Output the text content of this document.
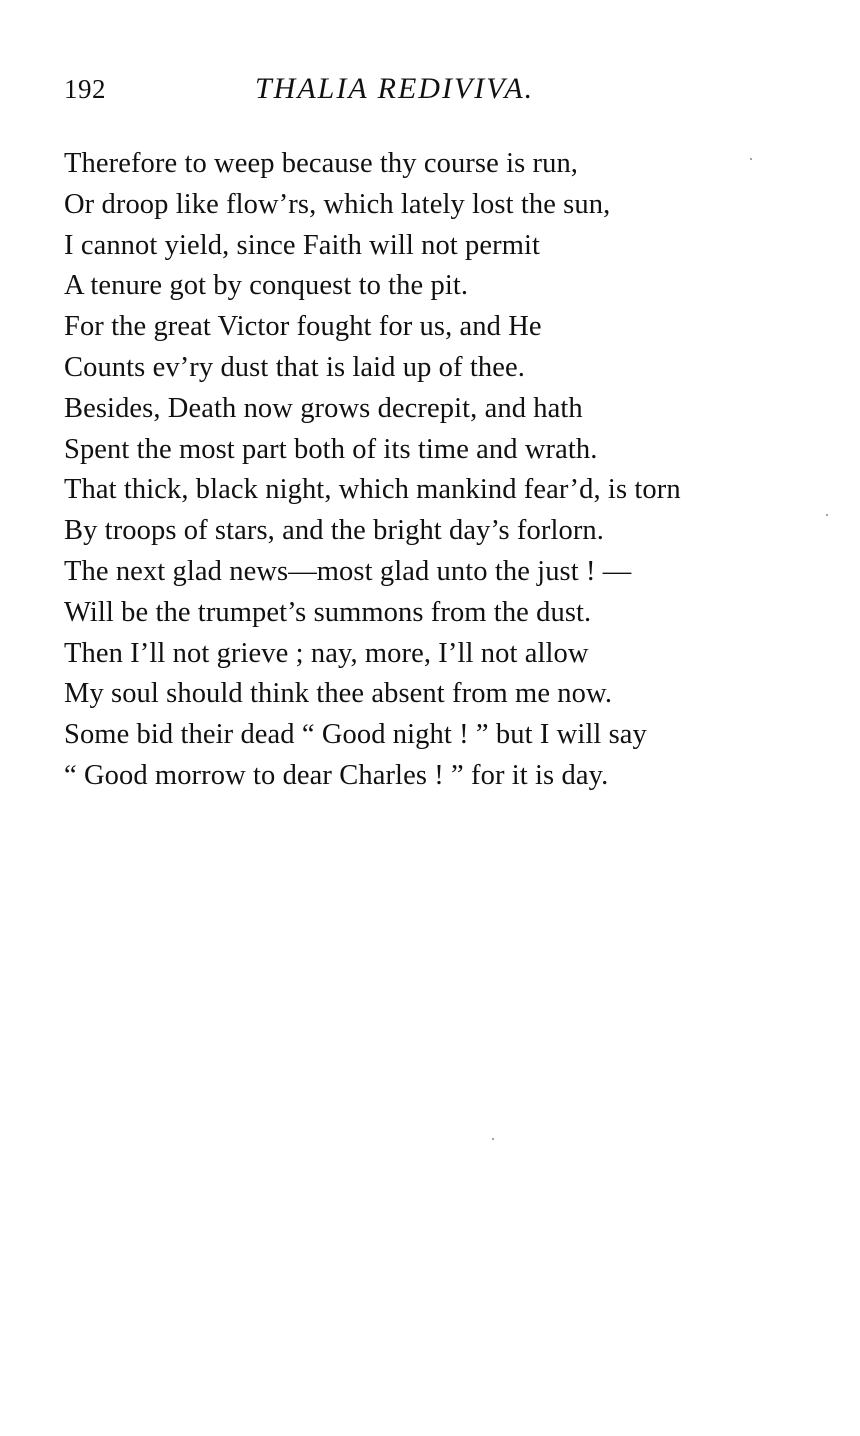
192	THALIA REDIVIVA.
Therefore to weep because thy course is run,
Or droop like flow’rs, which lately lost the sun,
I cannot yield, since Faith will not permit
A tenure got by conquest to the pit.
For the great Victor fought for us, and He
Counts ev’ry dust that is laid up of thee.
Besides, Death now grows decrepit, and hath
Spent the most part both of its time and wrath.
That thick, black night, which mankind fear’d, is torn
By troops of stars, and the bright day’s forlorn.
The next glad news—most glad unto the just ! —
Will be the trumpet’s summons from the dust.
Then I’ll not grieve ; nay, more, I’ll not allow
My soul should think thee absent from me now.
Some bid their dead “ Good night ! ” but I will say
“ Good morrow to dear Charles ! ” for it is day.
